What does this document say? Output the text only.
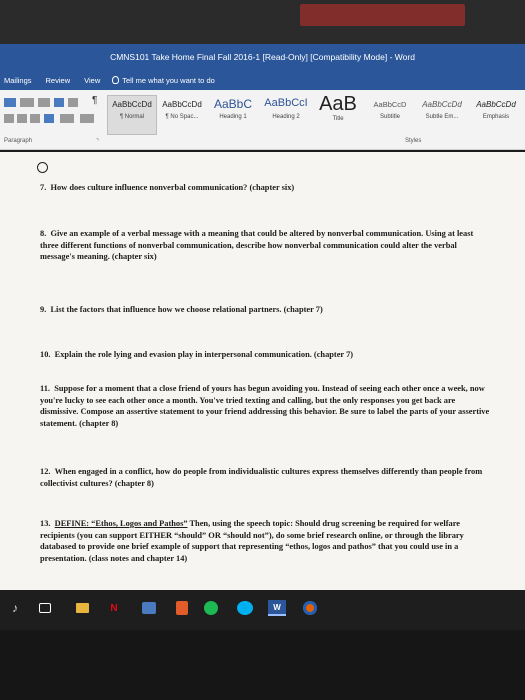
CMNS101 Take Home Final Fall 2016-1 [Read-Only] [Compatibility Mode] - Word
Mailings Review View	Tell me what you want to do
¶
Paragraph	⌝
AaBbCcDd
¶ Normal
AaBbCcDd
¶ No Spac...
AaBbC
Heading 1
AaBbCcI
Heading 2
AaB
Title
AaBbCcD
Subtitle
AaBbCcDd
Subtle Em...
AaBbCcDd
Emphasis
Styles
7. How does culture influence nonverbal communication? (chapter six)
8. Give an example of a verbal message with a meaning that could be altered by nonverbal communication. Using at least three different functions of nonverbal communication, describe how nonverbal communication could alter the verbal message's meaning. (chapter six)
9. List the factors that influence how we choose relational partners. (chapter 7)
10. Explain the role lying and evasion play in interpersonal communication. (chapter 7)
11. Suppose for a moment that a close friend of yours has begun avoiding you. Instead of seeing each other once a week, now you're lucky to see each other once a month. You've tried texting and calling, but the only responses you get back are dismissive. Compose an assertive statement to your friend addressing this behavior. Be sure to label the parts of your assertive statement. (chapter 8)
12. When engaged in a conflict, how do people from individualistic cultures express themselves differently than people from collectivist cultures? (chapter 8)
13. DEFINE: “Ethos, Logos and Pathos” Then, using the speech topic: Should drug screening be required for welfare recipients (you can support EITHER “should” OR “should not”), do some brief research online, or through the library databased to provide one brief example of support that representing “ethos, logos and pathos” that you could use in a presentation. (class notes and chapter 14)
♪	N	W
